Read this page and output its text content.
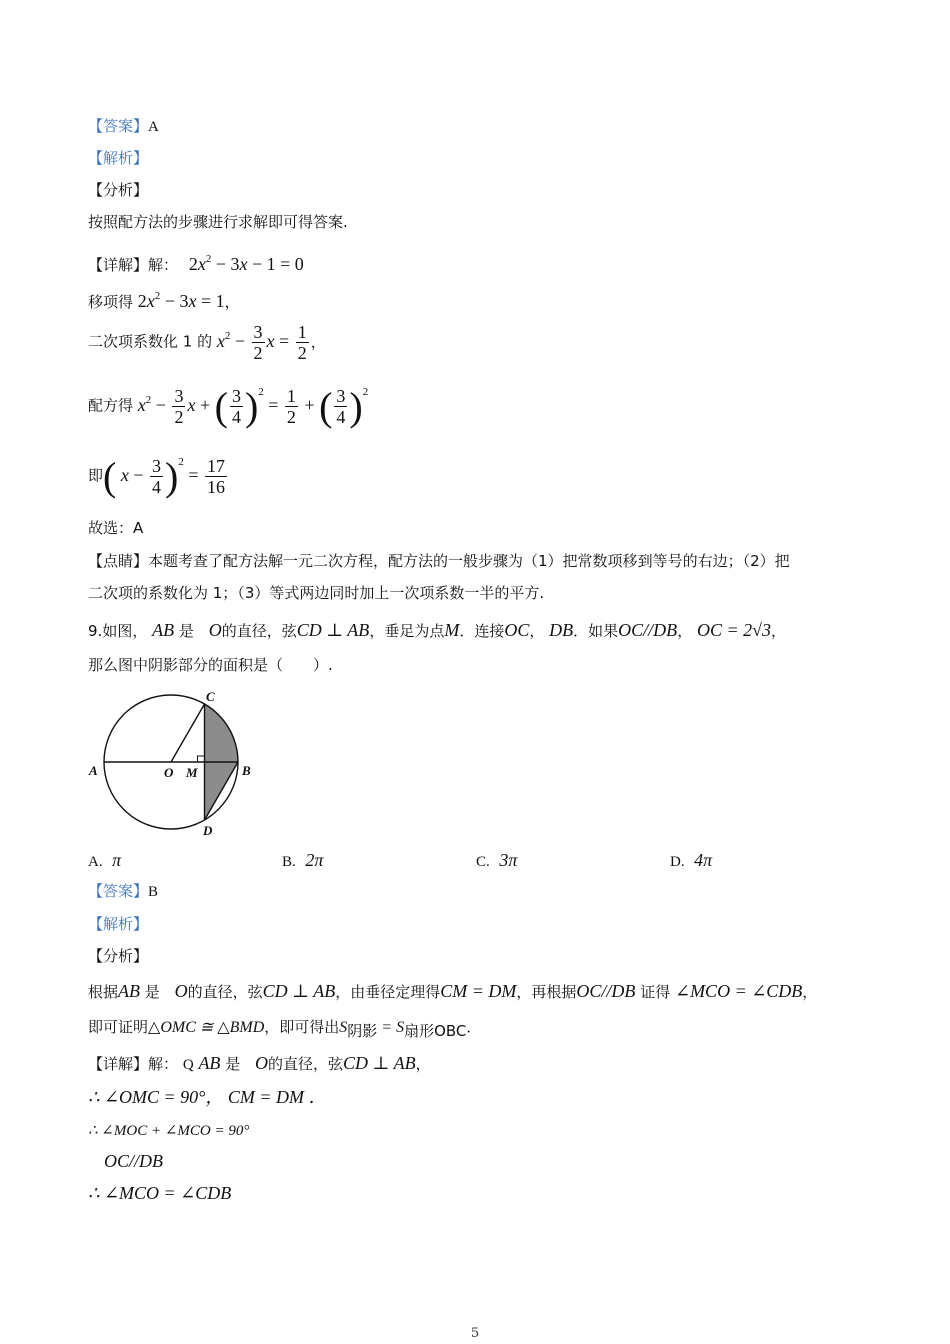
【答案】A
【解析】
【分析】
按照配方法的步骤进行求解即可得答案.
【详解】解： $2x^2 - 3x - 1 = 0$
移项得 $2x^2 - 3x = 1$，
二次项系数化 1 的 $x^2 - \frac{3}{2}$ $x = \frac{1}{2}$ ，
配方得 $x^2 - \frac{3}{2}$ x + ( $\frac{3}{4} )^2 = \frac{1}{2}$ + ( $\frac{3}{4} )^2$
即( $x - \frac{3}{4} )^2 = \frac{17}{16}$
故选：A
【点睛】本题考查了配方法解一元二次方程，配方法的一般步骤为（1）把常数项移到等号的右边；（2）把
二次项的系数化为 1；（3）等式两边同时加上一次项系数一半的平方.
9.如图， AB 是 O的直径，弦CD ⊥ AB，垂足为点M．连接OC， DB．如果OC//DB， OC = 2√3，
那么图中阴影部分的面积是（　　）.
A	O M	B
C
D
A. π	B. 2π	C. 3π	D. 4π
【答案】B
【解析】
【分析】
根据AB 是 O的直径，弦CD ⊥ AB，由垂径定理得CM = DM，再根据OC//DB 证得 ∠MCO = ∠CDB，
即可证明△OMC ≅ △BMD，即可得出$S_{阴影} = S_{扇形OBC}$．
【详解】解： Q AB 是 O的直径，弦CD ⊥ AB，
∴ ∠OMC = 90°， CM = DM ．
∴ ∠MOC + ∠MCO = 90°
OC//DB
∴ ∠MCO = ∠CDB
5
